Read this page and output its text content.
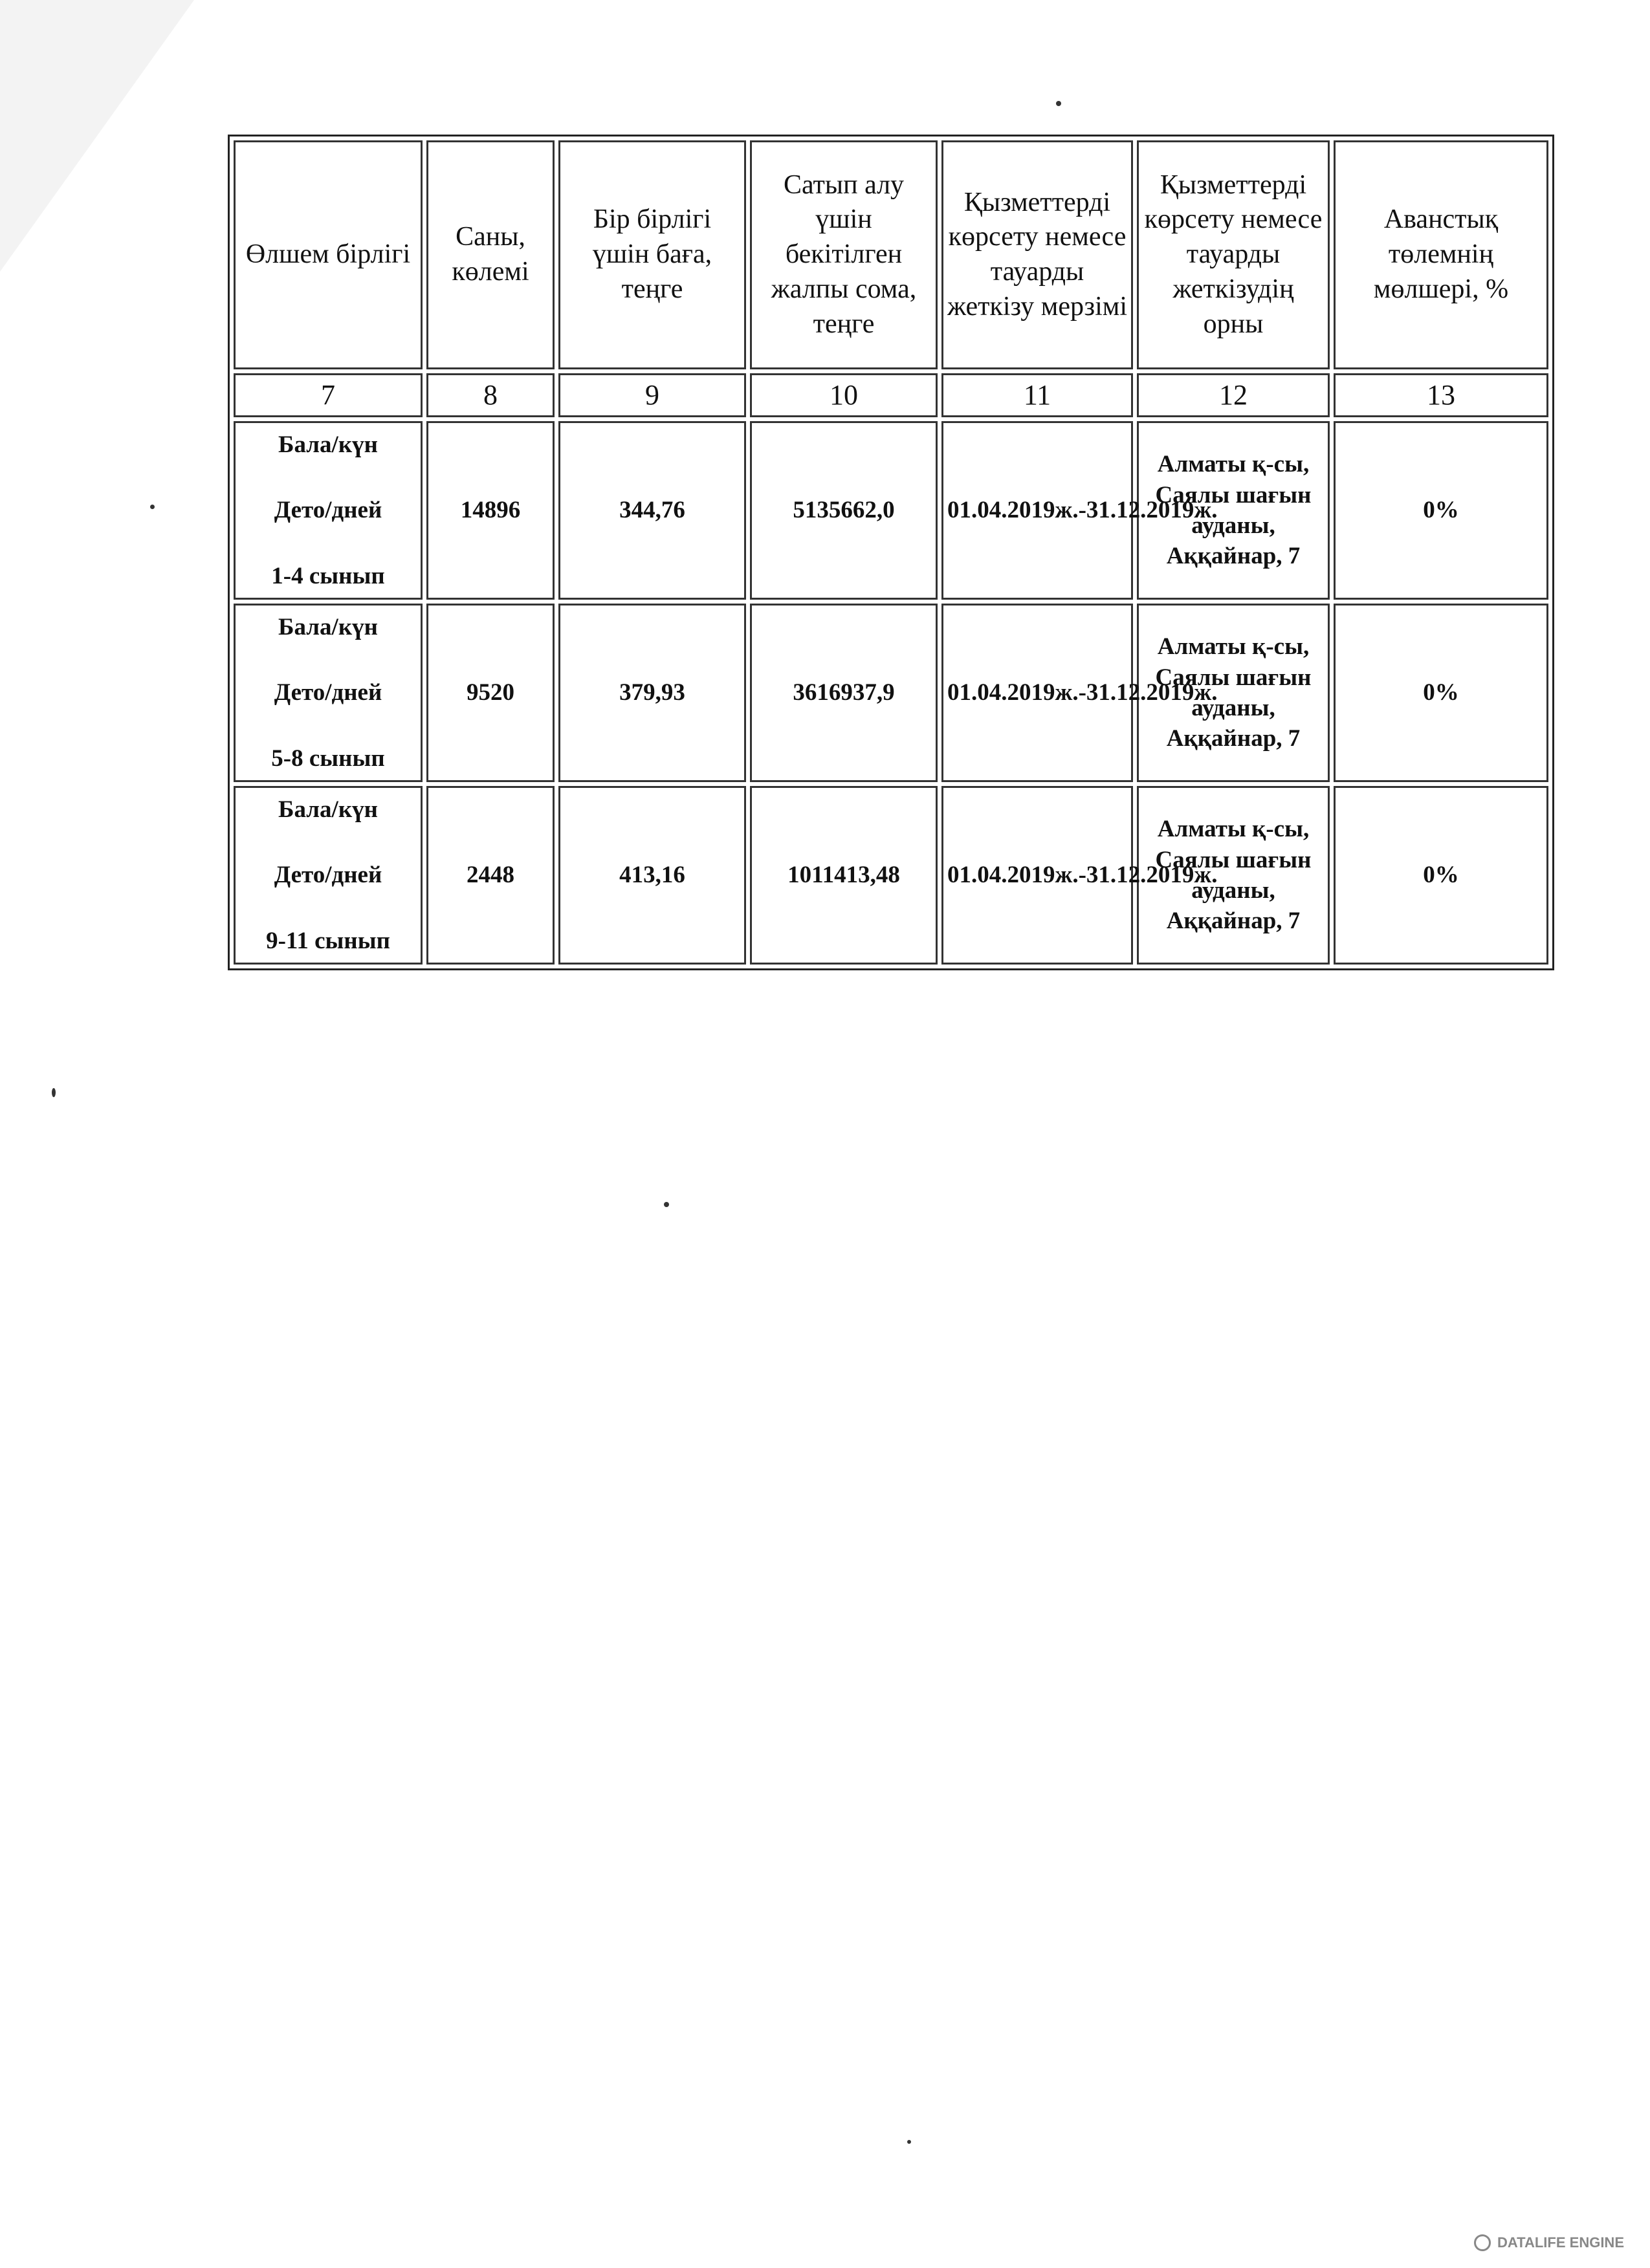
Өлшем бірлігі	Саны, көлемі	Бір бірлігі үшін баға, теңге	Сатып алу үшін бекітілген жалпы сома, теңге	Қызметтерді көрсету немесе тауарды жеткізу мерзімі	Қызметтерді көрсету немесе тауарды жеткізудің орны	Аванстық төлемнің мөлшері, %
7	8	9	10	11	12	13

Бала/күн
Дето/дней
1-4 сынып	14896	344,76	5135662,0	01.04.2019ж.-31.12.2019ж.	Алматы қ-сы, Саялы шағын ауданы, Аққайнар, 7	0%

Бала/күн
Дето/дней
5-8 сынып	9520	379,93	3616937,9	01.04.2019ж.-31.12.2019ж.	Алматы қ-сы, Саялы шағын ауданы, Аққайнар, 7	0%

Бала/күн
Дето/дней
9-11 сынып	2448	413,16	1011413,48	01.04.2019ж.-31.12.2019ж.	Алматы қ-сы, Саялы шағын ауданы, Аққайнар, 7	0%
DATALIFE ENGINE
